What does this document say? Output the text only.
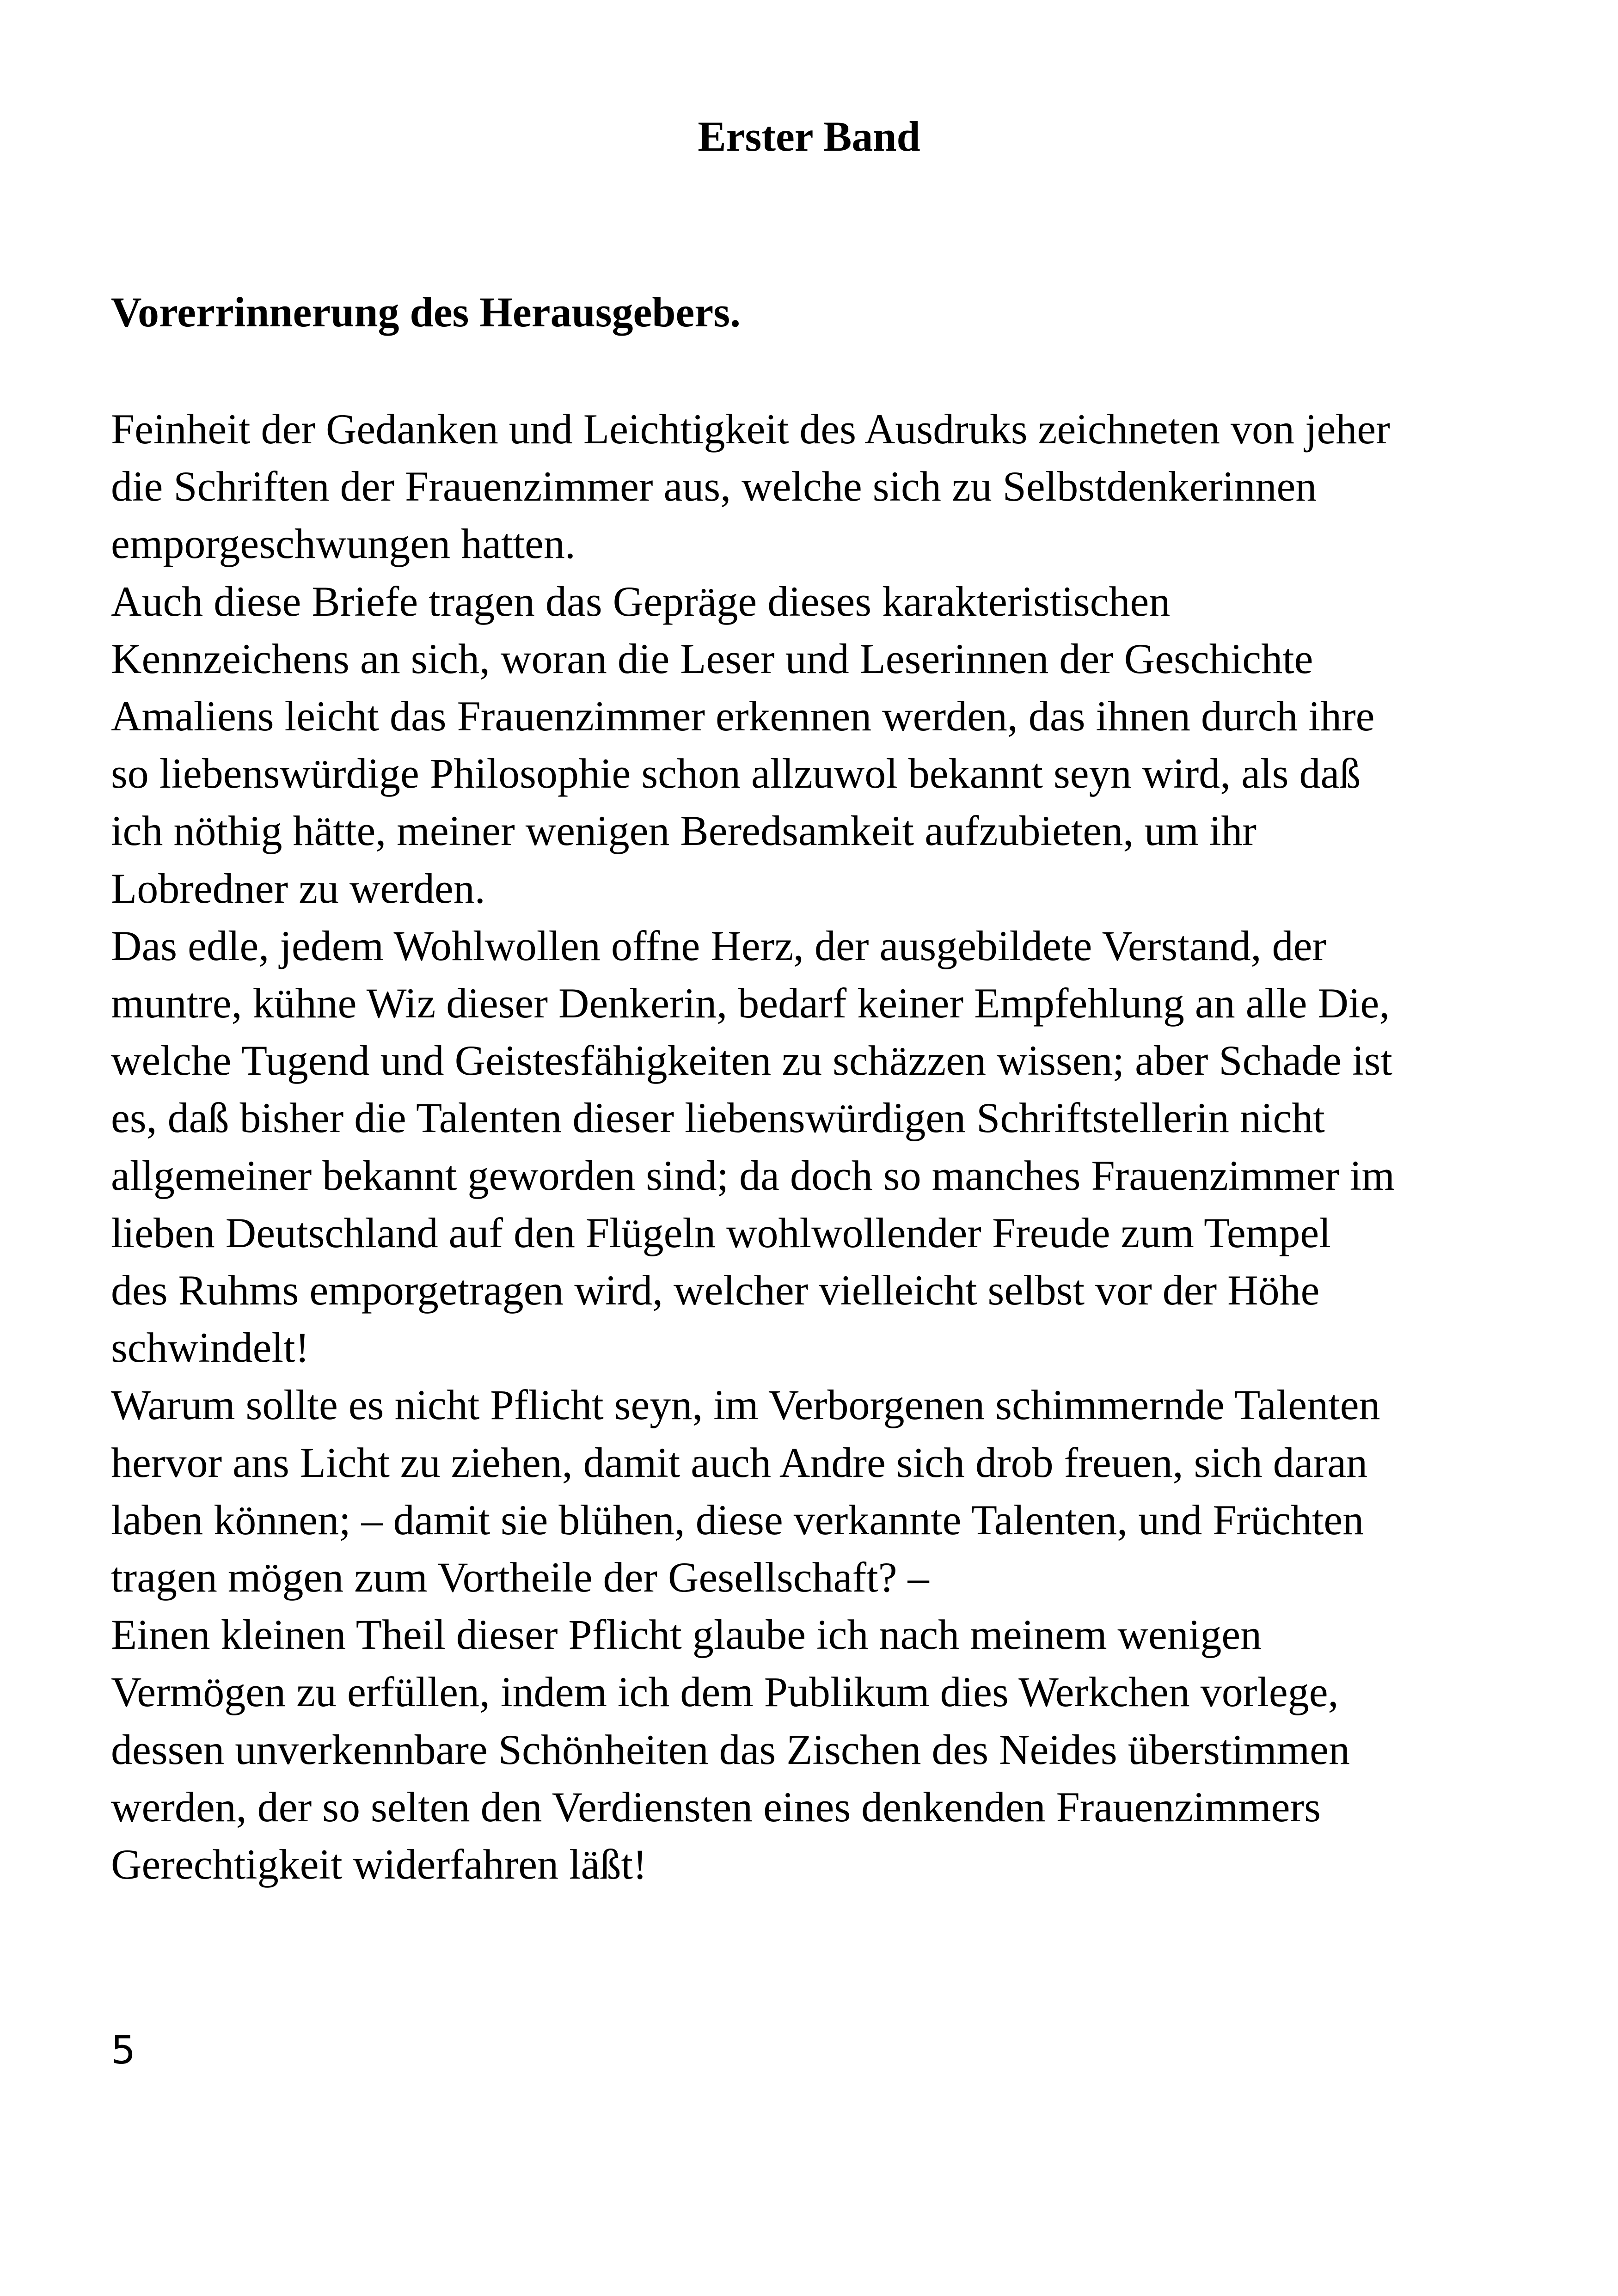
Erster Band
Vorerrinnerung des Herausgebers.
Feinheit der Gedanken und Leichtigkeit des Ausdruks zeichneten von jeher
die Schriften der Frauenzimmer aus, welche sich zu Selbstdenkerinnen
emporgeschwungen hatten.
Auch diese Briefe tragen das Gepräge dieses karakteristischen
Kennzeichens an sich, woran die Leser und Leserinnen der Geschichte
Amaliens leicht das Frauenzimmer erkennen werden, das ihnen durch ihre
so liebenswürdige Philosophie schon allzuwol bekannt seyn wird, als daß
ich nöthig hätte, meiner wenigen Beredsamkeit aufzubieten, um ihr
Lobredner zu werden.
Das edle, jedem Wohlwollen offne Herz, der ausgebildete Verstand, der
muntre, kühne Wiz dieser Denkerin, bedarf keiner Empfehlung an alle Die,
welche Tugend und Geistesfähigkeiten zu schäzzen wissen; aber Schade ist
es, daß bisher die Talenten dieser liebenswürdigen Schriftstellerin nicht
allgemeiner bekannt geworden sind; da doch so manches Frauenzimmer im
lieben Deutschland auf den Flügeln wohlwollender Freude zum Tempel
des Ruhms emporgetragen wird, welcher vielleicht selbst vor der Höhe
schwindelt!
Warum sollte es nicht Pflicht seyn, im Verborgenen schimmernde Talenten
hervor ans Licht zu ziehen, damit auch Andre sich drob freuen, sich daran
laben können; – damit sie blühen, diese verkannte Talenten, und Früchten
tragen mögen zum Vortheile der Gesellschaft? –
Einen kleinen Theil dieser Pflicht glaube ich nach meinem wenigen
Vermögen zu erfüllen, indem ich dem Publikum dies Werkchen vorlege,
dessen unverkennbare Schönheiten das Zischen des Neides überstimmen
werden, der so selten den Verdiensten eines denkenden Frauenzimmers
Gerechtigkeit widerfahren läßt!
5
